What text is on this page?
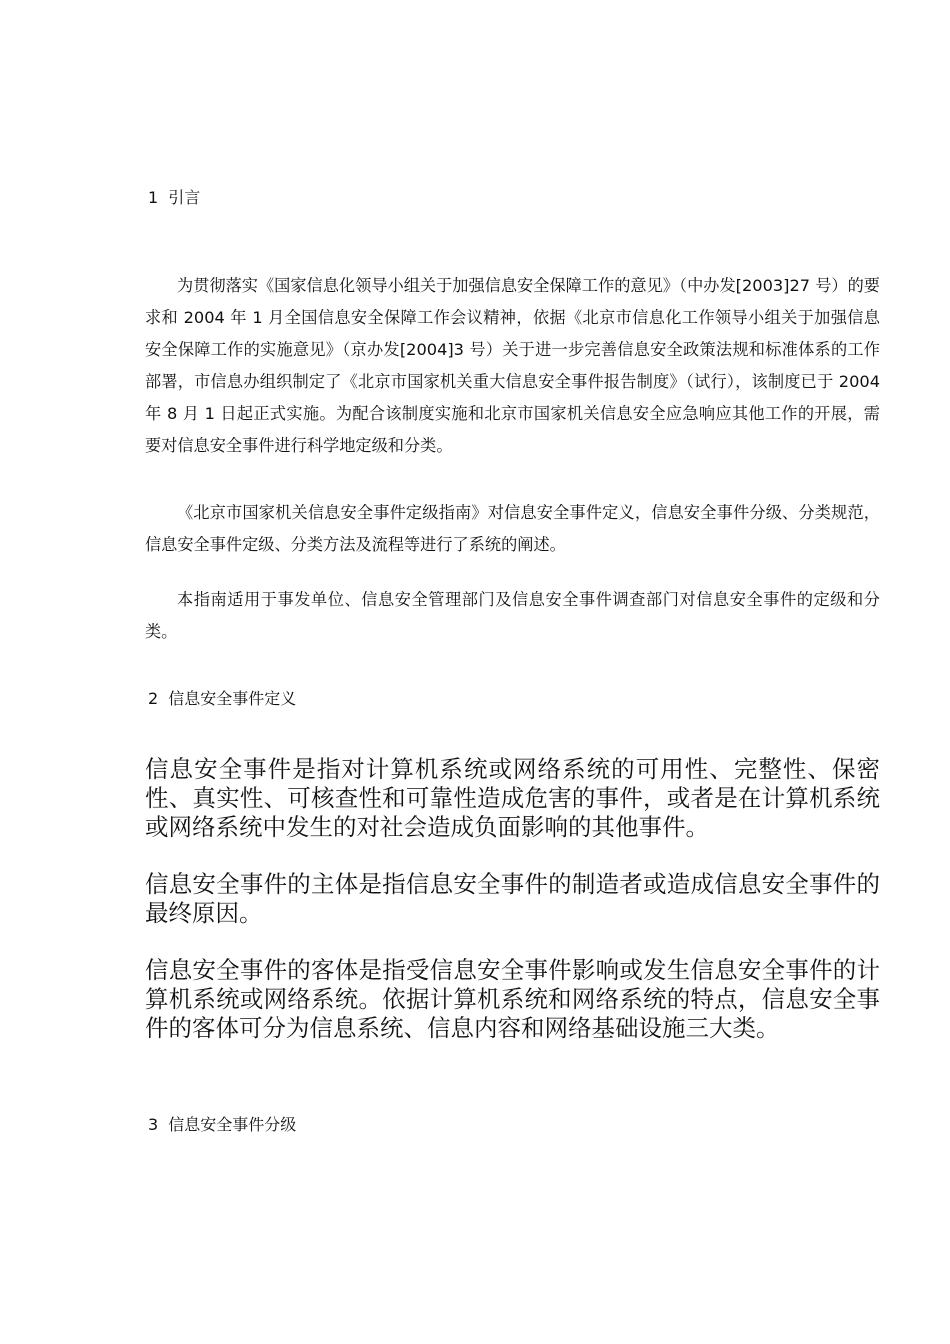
1 引言

为贯彻落实《国家信息化领导小组关于加强信息安全保障工作的意见》（中办发[2003]27 号）的要求和 2004 年 1 月全国信息安全保障工作会议精神，依据《北京市信息化工作领导小组关于加强信息安全保障工作的实施意见》（京办发[2004]3 号）关于进一步完善信息安全政策法规和标准体系的工作部署，市信息办组织制定了《北京市国家机关重大信息安全事件报告制度》（试行），该制度已于 2004 年 8 月 1 日起正式实施。为配合该制度实施和北京市国家机关信息安全应急响应其他工作的开展，需要对信息安全事件进行科学地定级和分类。

《北京市国家机关信息安全事件定级指南》对信息安全事件定义，信息安全事件分级、分类规范，信息安全事件定级、分类方法及流程等进行了系统的阐述。

本指南适用于事发单位、信息安全管理部门及信息安全事件调查部门对信息安全事件的定级和分类。

2 信息安全事件定义

信息安全事件是指对计算机系统或网络系统的可用性、完整性、保密性、真实性、可核查性和可靠性造成危害的事件，或者是在计算机系统或网络系统中发生的对社会造成负面影响的其他事件。

信息安全事件的主体是指信息安全事件的制造者或造成信息安全事件的最终原因。

信息安全事件的客体是指受信息安全事件影响或发生信息安全事件的计算机系统或网络系统。依据计算机系统和网络系统的特点，信息安全事件的客体可分为信息系统、信息内容和网络基础设施三大类。

3 信息安全事件分级
